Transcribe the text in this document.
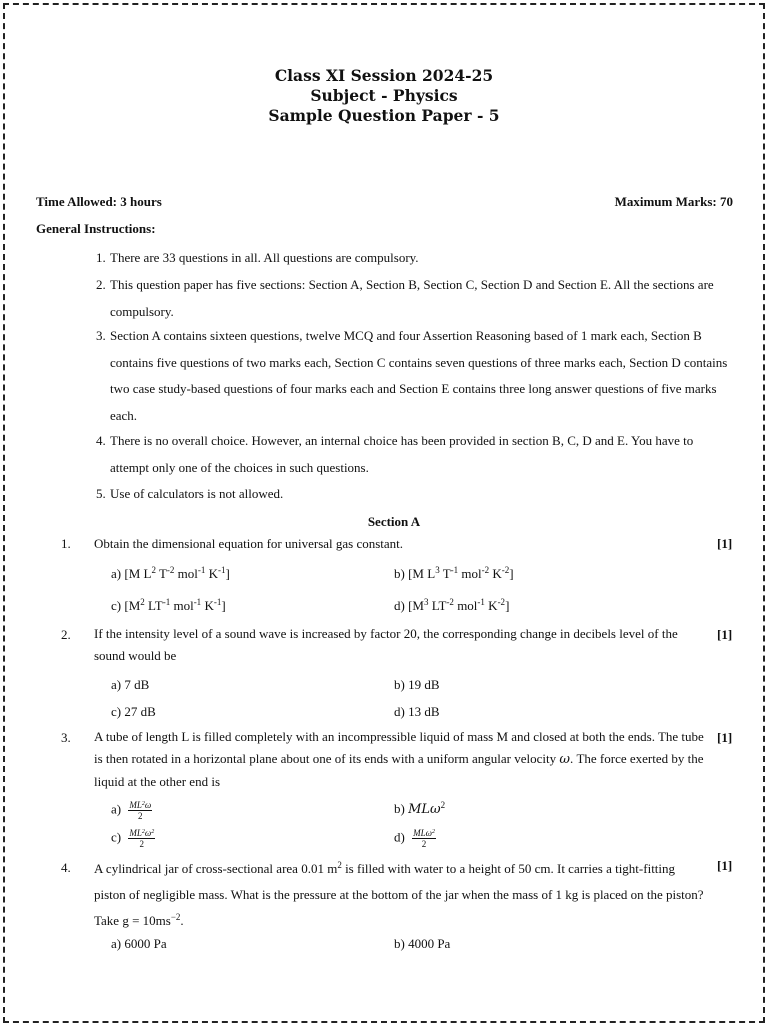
Class XI Session 2024-25
Subject - Physics
Sample Question Paper - 5
Time Allowed: 3 hours	Maximum Marks: 70
General Instructions:
1. There are 33 questions in all. All questions are compulsory.
2. This question paper has five sections: Section A, Section B, Section C, Section D and Section E. All the sections are compulsory.
3. Section A contains sixteen questions, twelve MCQ and four Assertion Reasoning based of 1 mark each, Section B contains five questions of two marks each, Section C contains seven questions of three marks each, Section D contains two case study-based questions of four marks each and Section E contains three long answer questions of five marks each.
4. There is no overall choice. However, an internal choice has been provided in section B, C, D and E. You have to attempt only one of the choices in such questions.
5. Use of calculators is not allowed.
Section A
1. Obtain the dimensional equation for universal gas constant.	[1]
a) [M $L^2$ $T^{-2}$ mol$^{-1}$ $K^{-1}$]	b) [M $L^3$ $T^{-1}$ mol$^{-2}$ $K^{-2}$]
c) [$M^2$ $LT^{-1}$ mol$^{-1}$ $K^{-1}$]	d) [$M^3$ $LT^{-2}$ mol$^{-1}$ $K^{-2}$]
2. If the intensity level of a sound wave is increased by factor 20, the corresponding change in decibels level of the sound would be
[1]
a) 7 dB	b) 19 dB
c) 27 dB	d) 13 dB
3. A tube of length L is filled completely with an incompressible liquid of mass M and closed at both the ends. The tube is then rotated in a horizontal plane about one of its ends with a uniform angular velocity ω. The force exerted by the liquid at the other end is
[1]
$a) \frac{ML^2\omega}{2}$	b) MLω$^2$
$c) \frac{ML^2\omega^2}{2}$	$d) \frac{ML\omega^2}{2}$
4. A cylindrical jar of cross-sectional area 0.01 $m^2$ is filled with water to a height of 50 cm. It carries a tight-fitting piston of negligible mass. What is the pressure at the bottom of the jar when the mass of 1 kg is placed on the piston? Take $g = 10ms^{-2}$.
[1]
a) 6000 Pa	b) 4000 Pa
